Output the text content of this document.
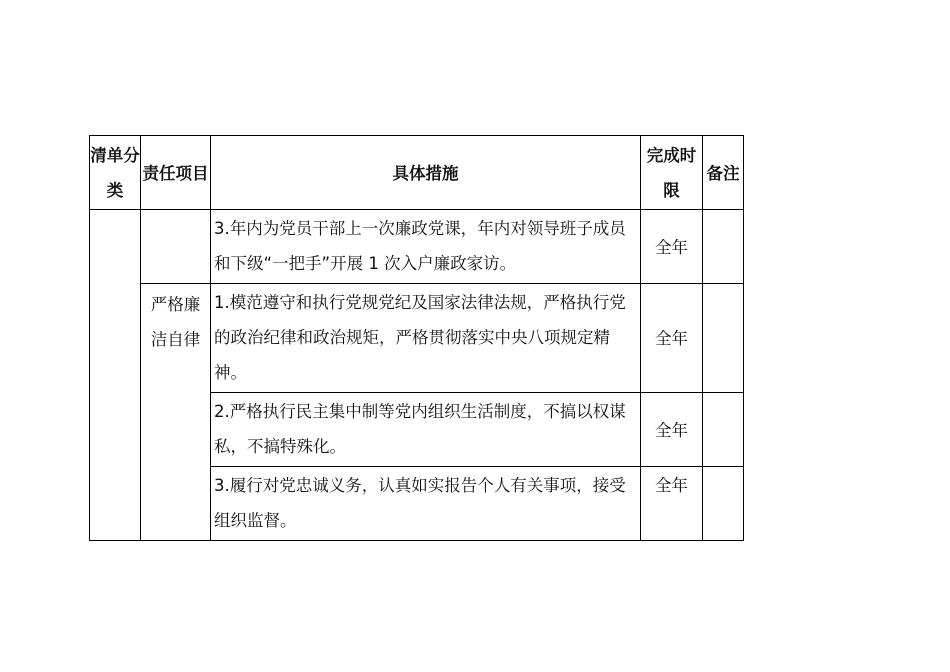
清单分类	责任项目	具体措施	完成时限	备注

		3.年内为党员干部上一次廉政党课，年内对领导班子成员和下级“一把手”开展 1 次入户廉政家访。	全年	

	严格廉洁自律	1.模范遵守和执行党规党纪及国家法律法规，严格执行党的政治纪律和政治规矩，严格贯彻落实中央八项规定精神。	全年	

		2.严格执行民主集中制等党内组织生活制度，不搞以权谋私，不搞特殊化。	全年	

		3.履行对党忠诚义务，认真如实报告个人有关事项，接受组织监督。	全年	
